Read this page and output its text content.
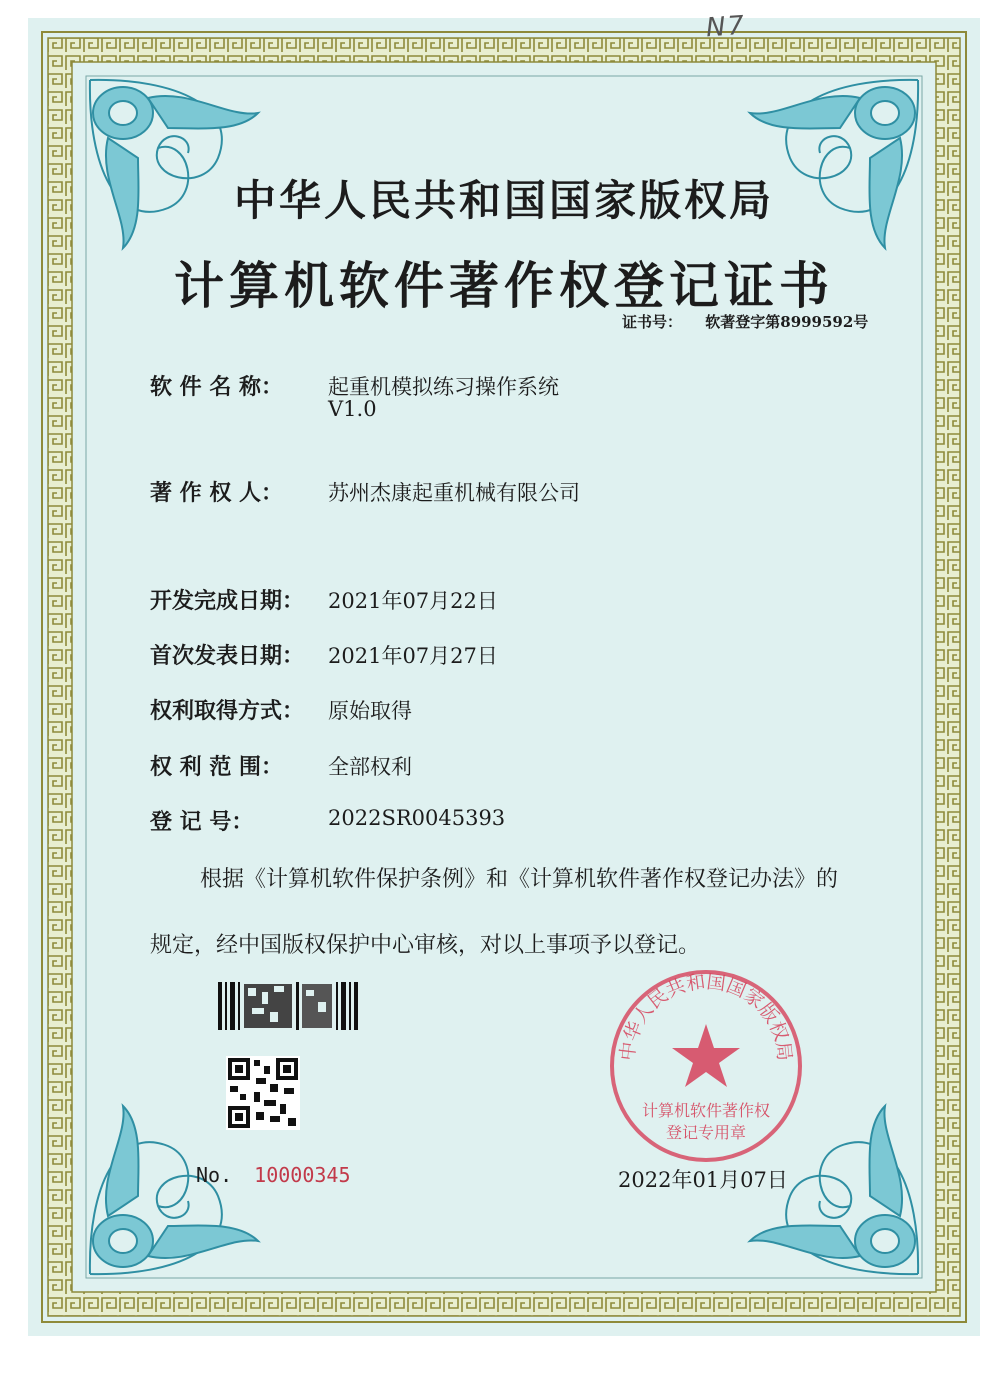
N7
中华人民共和国国家版权局
计算机软件著作权登记证书
证书号： 软著登字第8999592号
软 件 名 称： 起重机模拟练习操作系统
V1.0
著 作 权 人： 苏州杰康起重机械有限公司
开发完成日期： 2021年07月22日
首次发表日期： 2021年07月27日
权利取得方式： 原始取得
权 利 范 围： 全部权利
登 记 号：	2022SR0045393
根据《计算机软件保护条例》和《计算机软件著作权登记办法》的
规定，经中国版权保护中心审核，对以上事项予以登记。
No. 10000345
中华人民共和国国家版权局
计算机软件著作权
登记专用章
2022年01月07日
